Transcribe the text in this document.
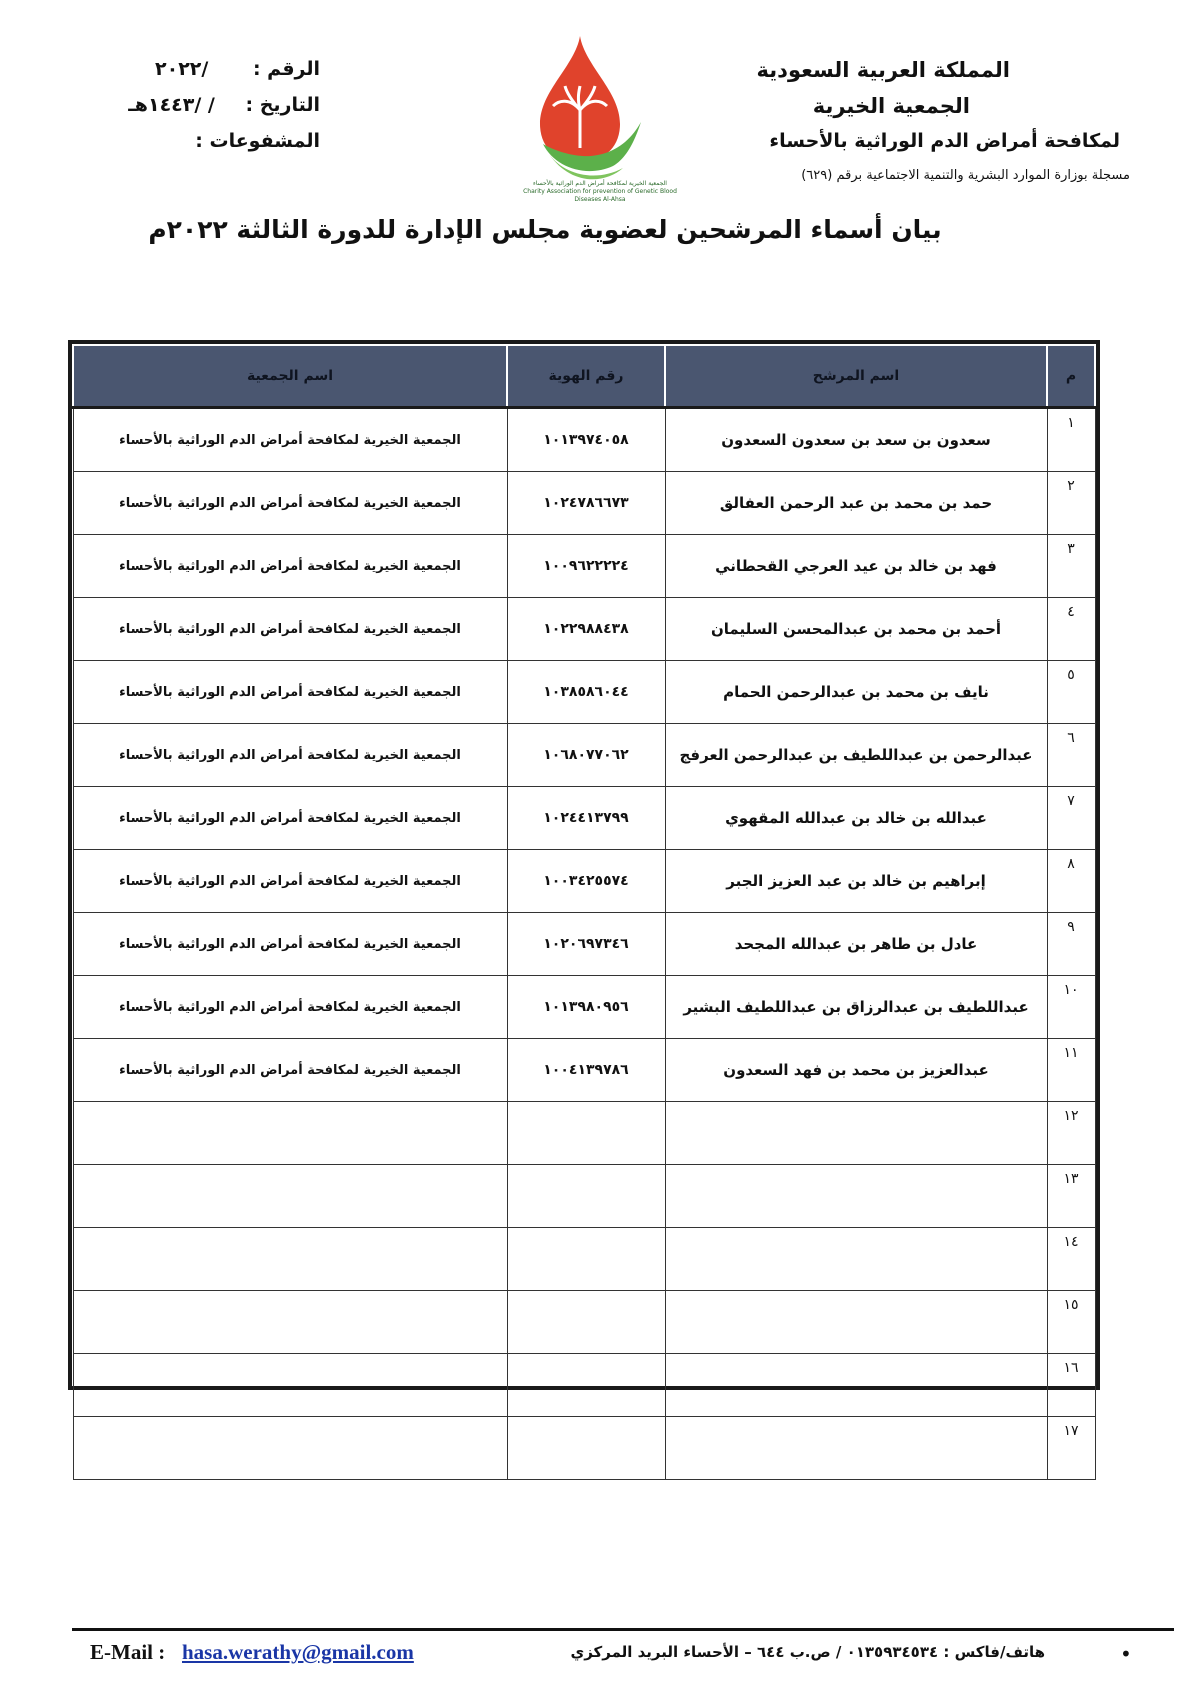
المملكة العربية السعودية
الجمعية الخيرية
لمكافحة أمراض الدم الوراثية بالأحساء
مسجلة بوزارة الموارد البشرية والتنمية الاجتماعية برقم (٦٢٩)
الجمعية الخيرية لمكافحة أمراض الدم الوراثية بالأحساء
Charity Association for prevention of Genetic Blood Diseases Al-Ahsa
الرقم : /٢٠٢٢
التاريخ : / /١٤٤٣هـ
المشفوعات :
بيان أسماء المرشحين لعضوية مجلس الإدارة للدورة الثالثة ٢٠٢٢م
م	اسم المرشح	رقم الهوية	اسم الجمعية
١	سعدون بن سعد بن سعدون السعدون	١٠١٣٩٧٤٠٥٨	الجمعية الخيرية لمكافحة أمراض الدم الوراثية بالأحساء
٢	حمد بن محمد بن عبد الرحمن العفالق	١٠٢٤٧٨٦٦٧٣	الجمعية الخيرية لمكافحة أمراض الدم الوراثية بالأحساء
٣	فهد بن خالد بن عيد العرجي القحطاني	١٠٠٩٦٢٢٢٢٤	الجمعية الخيرية لمكافحة أمراض الدم الوراثية بالأحساء
٤	أحمد بن محمد بن عبدالمحسن السليمان	١٠٢٢٩٨٨٤٣٨	الجمعية الخيرية لمكافحة أمراض الدم الوراثية بالأحساء
٥	نايف بن محمد بن عبدالرحمن الحمام	١٠٣٨٥٨٦٠٤٤	الجمعية الخيرية لمكافحة أمراض الدم الوراثية بالأحساء
٦	عبدالرحمن بن عبداللطيف بن عبدالرحمن العرفج	١٠٦٨٠٧٧٠٦٢	الجمعية الخيرية لمكافحة أمراض الدم الوراثية بالأحساء
٧	عبدالله بن خالد بن عبدالله المقهوي	١٠٢٤٤١٣٧٩٩	الجمعية الخيرية لمكافحة أمراض الدم الوراثية بالأحساء
٨	إبراهيم بن خالد بن عبد العزيز الجبر	١٠٠٣٤٢٥٥٧٤	الجمعية الخيرية لمكافحة أمراض الدم الوراثية بالأحساء
٩	عادل بن طاهر بن عبدالله المجحد	١٠٢٠٦٩٧٣٤٦	الجمعية الخيرية لمكافحة أمراض الدم الوراثية بالأحساء
١٠	عبداللطيف بن عبدالرزاق بن عبداللطيف البشير	١٠١٣٩٨٠٩٥٦	الجمعية الخيرية لمكافحة أمراض الدم الوراثية بالأحساء
١١	عبدالعزيز بن محمد بن فهد السعدون	١٠٠٤١٣٩٧٨٦	الجمعية الخيرية لمكافحة أمراض الدم الوراثية بالأحساء
١٢			
١٣			
١٤			
١٥			
١٦			
١٧			
E-Mail : hasa.werathy@gmail.com	هاتف/فاكس : ٠١٣٥٩٣٤٥٣٤ / ص.ب ٦٤٤ – الأحساء البريد المركزي	•
